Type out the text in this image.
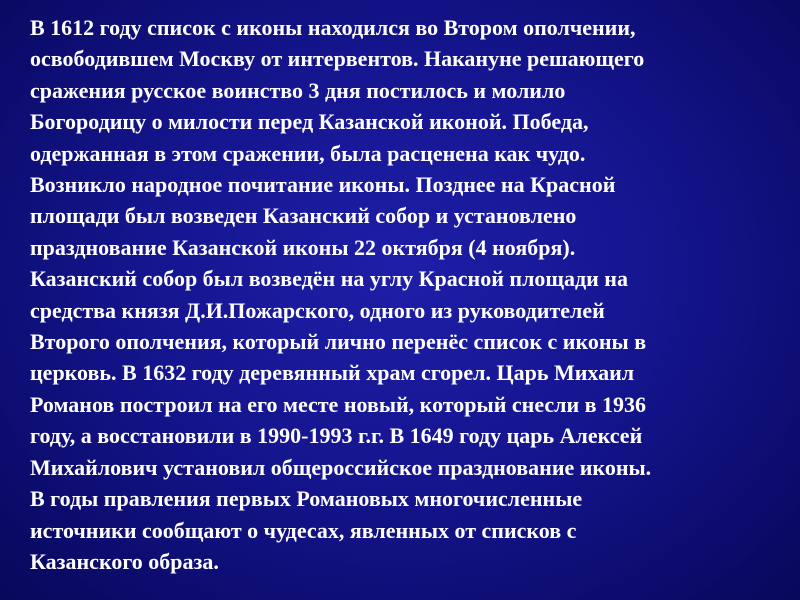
В 1612 году список с иконы находился во Втором ополчении,
освободившем Москву от интервентов. Накануне решающего
сражения русское воинство 3 дня постилось и молило
Богородицу о милости перед Казанской иконой. Победа,
одержанная в этом сражении, была расценена как чудо.
Возникло народное почитание иконы. Позднее на Красной
площади был возведен Казанский собор и установлено
празднование Казанской иконы 22 октября (4 ноября).
Казанский собор был возведён на углу Красной площади на
средства князя Д.И.Пожарского, одного из руководителей
Второго ополчения, который лично перенёс список с иконы в
церковь. В 1632 году деревянный храм сгорел. Царь Михаил
Романов построил на его месте новый, который снесли в 1936
году, а восстановили в 1990-1993 г.г. В 1649 году царь Алексей
Михайлович установил общероссийское празднование иконы.
В годы правления первых Романовых многочисленные
источники сообщают о чудесах, явленных от списков с
Казанского образа.
